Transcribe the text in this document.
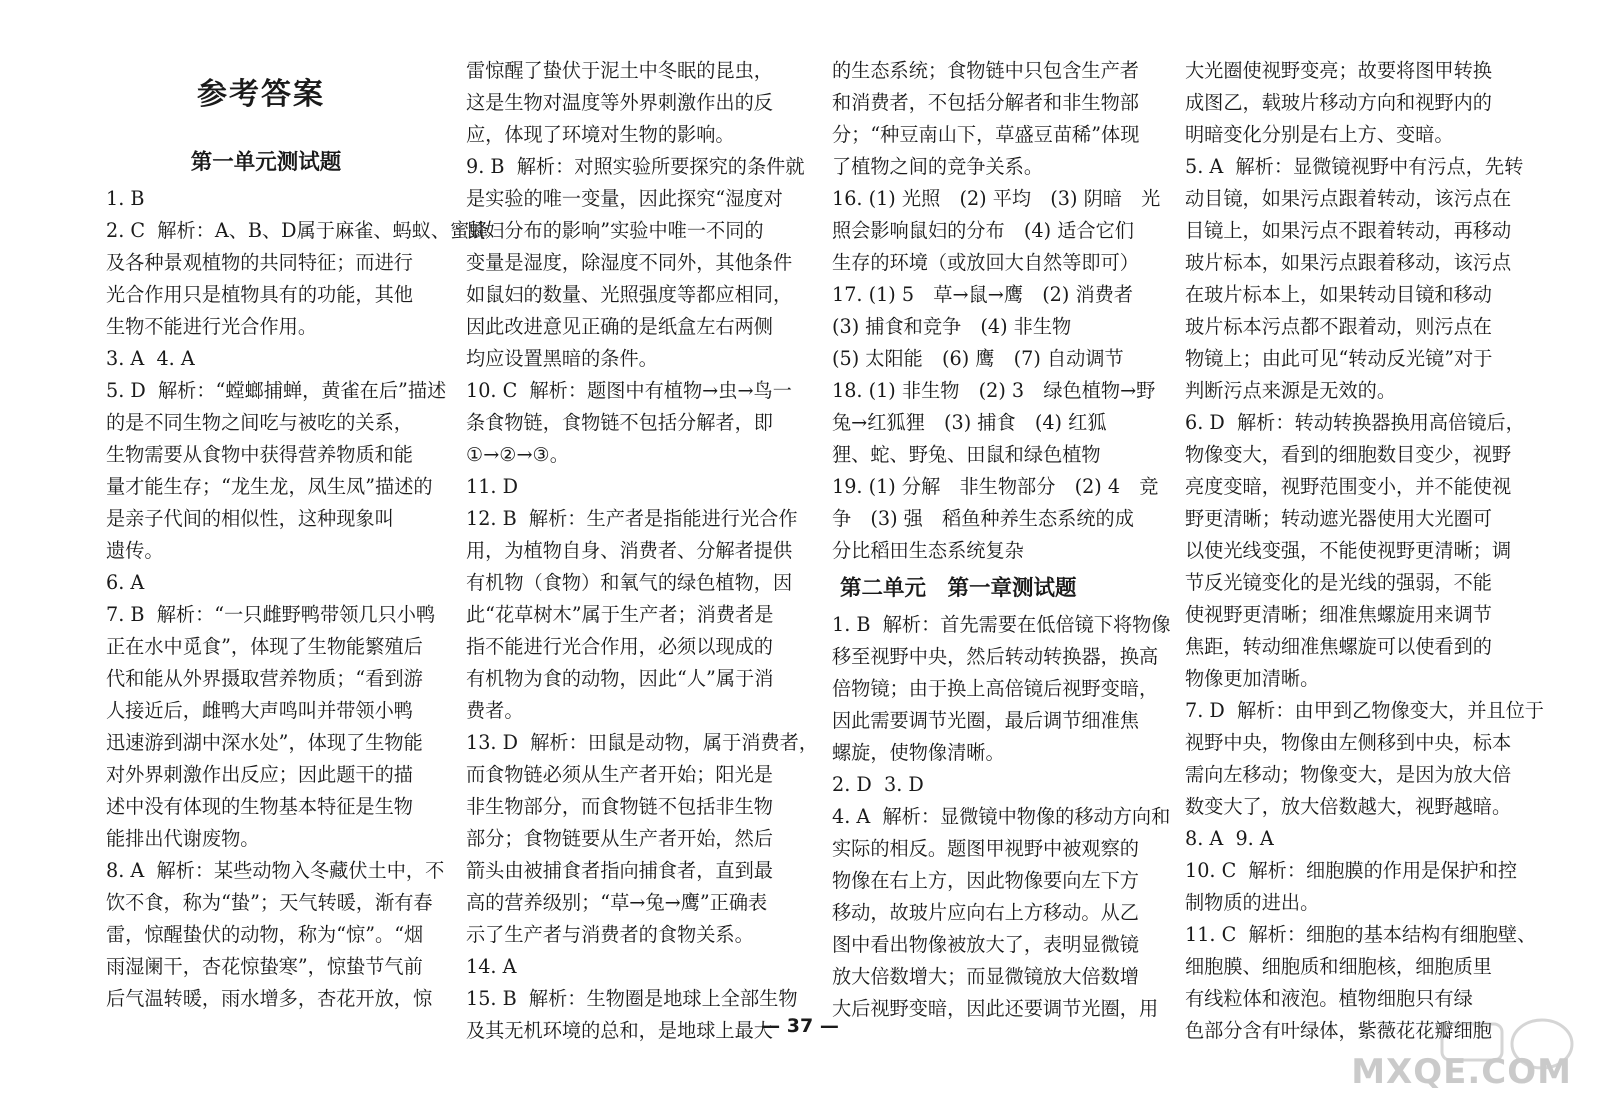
参考答案
第一单元测试题
1. B
2. C  解析：A、B、D属于麻雀、蚂蚁、蜜蜂
及各种景观植物的共同特征；而进行
光合作用只是植物具有的功能，其他
生物不能进行光合作用。
3. A  4. A
5. D  解析：“螳螂捕蝉，黄雀在后”描述
的是不同生物之间吃与被吃的关系，
生物需要从食物中获得营养物质和能
量才能生存；“龙生龙，凤生凤”描述的
是亲子代间的相似性，这种现象叫
遗传。
6. A
7. B  解析：“一只雌野鸭带领几只小鸭
正在水中觅食”，体现了生物能繁殖后
代和能从外界摄取营养物质；“看到游
人接近后，雌鸭大声鸣叫并带领小鸭
迅速游到湖中深水处”，体现了生物能
对外界刺激作出反应；因此题干的描
述中没有体现的生物基本特征是生物
能排出代谢废物。
8. A  解析：某些动物入冬藏伏土中，不
饮不食，称为“蛰”；天气转暖，渐有春
雷，惊醒蛰伏的动物，称为“惊”。“烟
雨湿阑干，杏花惊蛰寒”，惊蛰节气前
后气温转暖，雨水增多，杏花开放，惊
雷惊醒了蛰伏于泥土中冬眠的昆虫，
这是生物对温度等外界刺激作出的反
应，体现了环境对生物的影响。
9. B  解析：对照实验所要探究的条件就
是实验的唯一变量，因此探究“湿度对
鼠妇分布的影响”实验中唯一不同的
变量是湿度，除湿度不同外，其他条件
如鼠妇的数量、光照强度等都应相同，
因此改进意见正确的是纸盒左右两侧
均应设置黑暗的条件。
10. C  解析：题图中有植物→虫→鸟一
条食物链，食物链不包括分解者，即
①→②→③。
11. D
12. B  解析：生产者是指能进行光合作
用，为植物自身、消费者、分解者提供
有机物（食物）和氧气的绿色植物，因
此“花草树木”属于生产者；消费者是
指不能进行光合作用，必须以现成的
有机物为食的动物，因此“人”属于消
费者。
13. D  解析：田鼠是动物，属于消费者，
而食物链必须从生产者开始；阳光是
非生物部分，而食物链不包括非生物
部分；食物链要从生产者开始，然后
箭头由被捕食者指向捕食者，直到最
高的营养级别；“草→兔→鹰”正确表
示了生产者与消费者的食物关系。
14. A
15. B  解析：生物圈是地球上全部生物
及其无机环境的总和，是地球上最大
的生态系统；食物链中只包含生产者
和消费者，不包括分解者和非生物部
分；“种豆南山下，草盛豆苗稀”体现
了植物之间的竞争关系。
16. (1) 光照　(2) 平均　(3) 阴暗　光
照会影响鼠妇的分布　(4) 适合它们
生存的环境（或放回大自然等即可）
17. (1) 5　草→鼠→鹰　(2) 消费者
(3) 捕食和竞争　(4) 非生物
(5) 太阳能　(6) 鹰　(7) 自动调节
18. (1) 非生物　(2) 3　绿色植物→野
兔→红狐狸　(3) 捕食　(4) 红狐
狸、蛇、野兔、田鼠和绿色植物
19. (1) 分解　非生物部分　(2) 4　竞
争　(3) 强　稻鱼种养生态系统的成
分比稻田生态系统复杂
第二单元　第一章测试题
1. B  解析：首先需要在低倍镜下将物像
移至视野中央，然后转动转换器，换高
倍物镜；由于换上高倍镜后视野变暗，
因此需要调节光圈，最后调节细准焦
螺旋，使物像清晰。
2. D  3. D
4. A  解析：显微镜中物像的移动方向和
实际的相反。题图甲视野中被观察的
物像在右上方，因此物像要向左下方
移动，故玻片应向右上方移动。从乙
图中看出物像被放大了，表明显微镜
放大倍数增大；而显微镜放大倍数增
大后视野变暗，因此还要调节光圈，用
大光圈使视野变亮；故要将图甲转换
成图乙，载玻片移动方向和视野内的
明暗变化分别是右上方、变暗。
5. A  解析：显微镜视野中有污点，先转
动目镜，如果污点跟着转动，该污点在
目镜上，如果污点不跟着转动，再移动
玻片标本，如果污点跟着移动，该污点
在玻片标本上，如果转动目镜和移动
玻片标本污点都不跟着动，则污点在
物镜上；由此可见“转动反光镜”对于
判断污点来源是无效的。
6. D  解析：转动转换器换用高倍镜后，
物像变大，看到的细胞数目变少，视野
亮度变暗，视野范围变小，并不能使视
野更清晰；转动遮光器使用大光圈可
以使光线变强，不能使视野更清晰；调
节反光镜变化的是光线的强弱，不能
使视野更清晰；细准焦螺旋用来调节
焦距，转动细准焦螺旋可以使看到的
物像更加清晰。
7. D  解析：由甲到乙物像变大，并且位于
视野中央，物像由左侧移到中央，标本
需向左移动；物像变大，是因为放大倍
数变大了，放大倍数越大，视野越暗。
8. A  9. A
10. C  解析：细胞膜的作用是保护和控
制物质的进出。
11. C  解析：细胞的基本结构有细胞壁、
细胞膜、细胞质和细胞核，细胞质里
有线粒体和液泡。植物细胞只有绿
色部分含有叶绿体，紫薇花花瓣细胞
— 37 —
MXQE.COM
